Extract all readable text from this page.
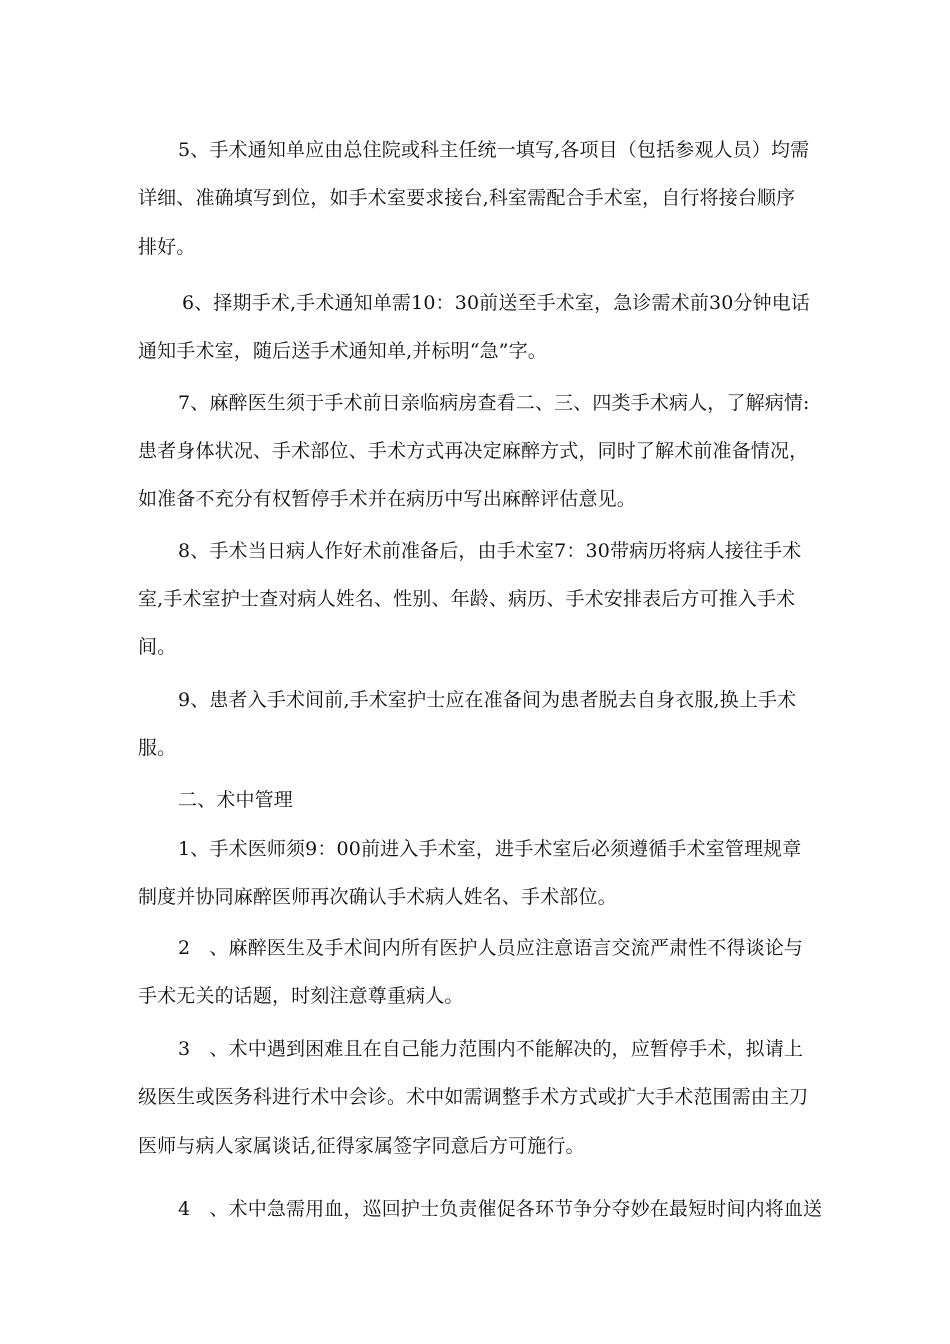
5、手术通知单应由总住院或科主任统一填写,各项目（包括参观人员）均需
详细、准确填写到位，如手术室要求接台,科室需配合手术室，自行将接台顺序
排好。
6、择期手术,手术通知单需10：30前送至手术室，急诊需术前30分钟电话
通知手术室，随后送手术通知单,并标明“急”字。
7、麻醉医生须于手术前日亲临病房查看二、三、四类手术病人，了解病情:
患者身体状况、手术部位、手术方式再决定麻醉方式，同时了解术前准备情况，
如准备不充分有权暂停手术并在病历中写出麻醉评估意见。
8、手术当日病人作好术前准备后，由手术室7：30带病历将病人接往手术
室,手术室护士查对病人姓名、性别、年龄、病历、手术安排表后方可推入手术
间。
9、患者入手术间前,手术室护士应在准备间为患者脱去自身衣服,换上手术
服。
二、术中管理
1、手术医师须9：00前进入手术室，进手术室后必须遵循手术室管理规章
制度并协同麻醉医师再次确认手术病人姓名、手术部位。
2　、麻醉医生及手术间内所有医护人员应注意语言交流严肃性不得谈论与
手术无关的话题，时刻注意尊重病人。
3　、术中遇到困难且在自己能力范围内不能解决的，应暂停手术，拟请上
级医生或医务科进行术中会诊。术中如需调整手术方式或扩大手术范围需由主刀
医师与病人家属谈话,征得家属签字同意后方可施行。
4　、术中急需用血，巡回护士负责催促各环节争分夺妙在最短时间内将血送
